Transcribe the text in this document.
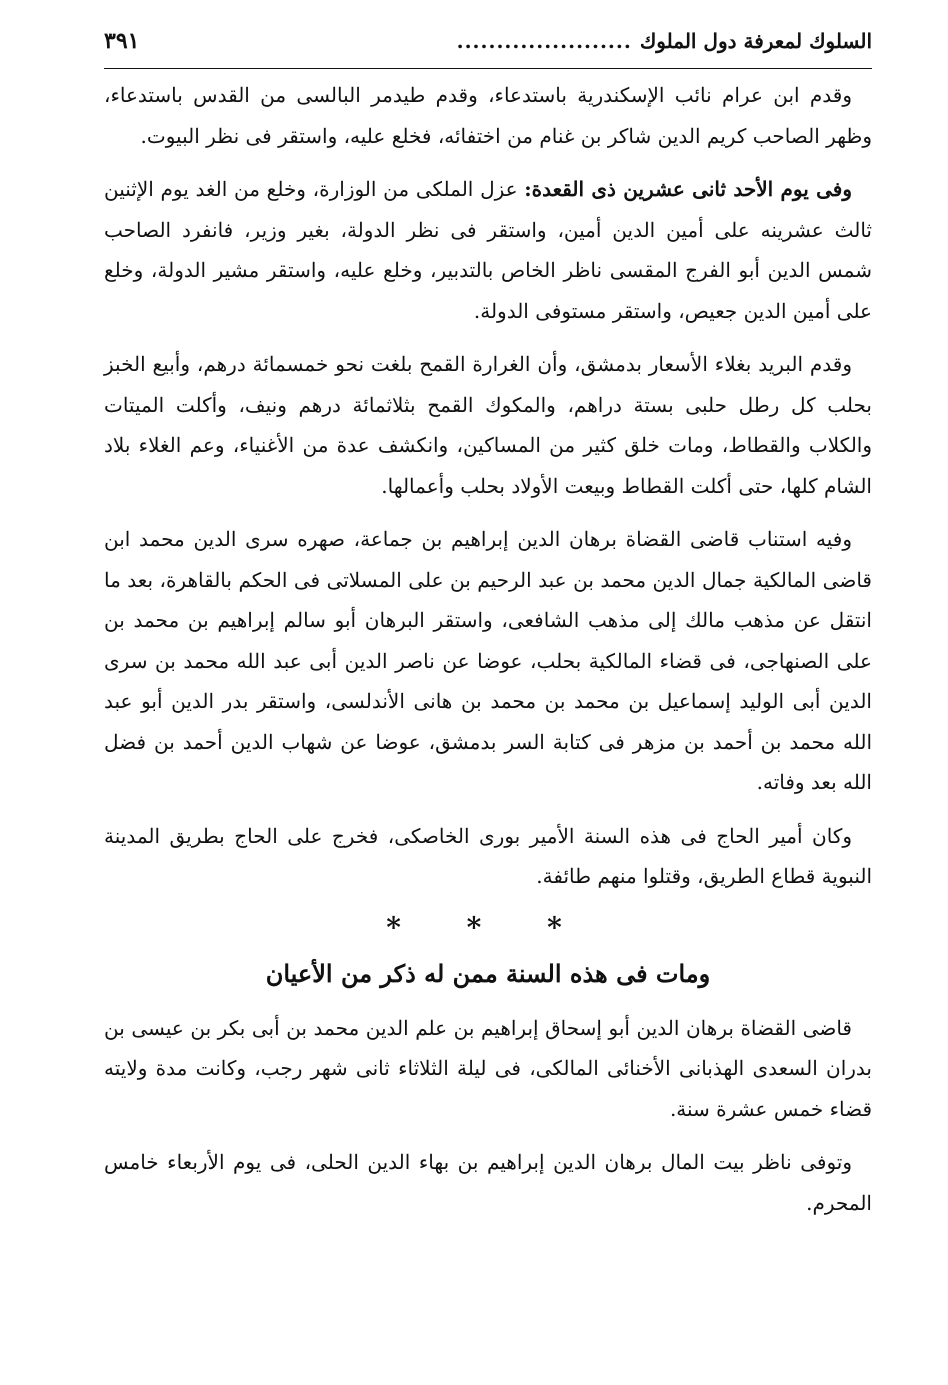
السلوك لمعرفة دول الملوك
......................
٣٩١

وقدم ابن عرام نائب الإسكندرية باستدعاء، وقدم طيدمر البالسى من القدس باستدعاء، وظهر الصاحب كريم الدين شاكر بن غنام من اختفائه، فخلع عليه، واستقر فى نظر البيوت.

وفى يوم الأحد ثانى عشرين ذى القعدة: عزل الملكى من الوزارة، وخلع من الغد يوم الإثنين ثالث عشرينه على أمين الدين أمين، واستقر فى نظر الدولة، بغير وزير، فانفرد الصاحب شمس الدين أبو الفرج المقسى ناظر الخاص بالتدبير، وخلع عليه، واستقر مشير الدولة، وخلع على أمين الدين جعيص، واستقر مستوفى الدولة.

وقدم البريد بغلاء الأسعار بدمشق، وأن الغرارة القمح بلغت نحو خمسمائة درهم، وأبيع الخبز بحلب كل رطل حلبى بستة دراهم، والمكوك القمح بثلاثمائة درهم ونيف، وأكلت الميتات والكلاب والقطاط، ومات خلق كثير من المساكين، وانكشف عدة من الأغنياء، وعم الغلاء بلاد الشام كلها، حتى أكلت القطاط وبيعت الأولاد بحلب وأعمالها.

وفيه استناب قاضى القضاة برهان الدين إبراهيم بن جماعة، صهره سرى الدين محمد ابن قاضى المالكية جمال الدين محمد بن عبد الرحيم بن على المسلاتى فى الحكم بالقاهرة، بعد ما انتقل عن مذهب مالك إلى مذهب الشافعى، واستقر البرهان أبو سالم إبراهيم بن محمد بن على الصنهاجى، فى قضاء المالكية بحلب، عوضا عن ناصر الدين أبى عبد الله محمد بن سرى الدين أبى الوليد إسماعيل بن محمد بن محمد بن هانى الأندلسى، واستقر بدر الدين أبو عبد الله محمد بن أحمد بن مزهر فى كتابة السر بدمشق، عوضا عن شهاب الدين أحمد بن فضل الله بعد وفاته.

وكان أمير الحاج فى هذه السنة الأمير بورى الخاصكى، فخرج على الحاج بطريق المدينة النبوية قطاع الطريق، وقتلوا منهم طائفة.

* * *
ومات فى هذه السنة ممن له ذكر من الأعيان

قاضى القضاة برهان الدين أبو إسحاق إبراهيم بن علم الدين محمد بن أبى بكر بن عيسى بن بدران السعدى الهذبانى الأخنائى المالكى، فى ليلة الثلاثاء ثانى شهر رجب، وكانت مدة ولايته قضاء خمس عشرة سنة.

وتوفى ناظر بيت المال برهان الدين إبراهيم بن بهاء الدين الحلى، فى يوم الأربعاء خامس المحرم.
